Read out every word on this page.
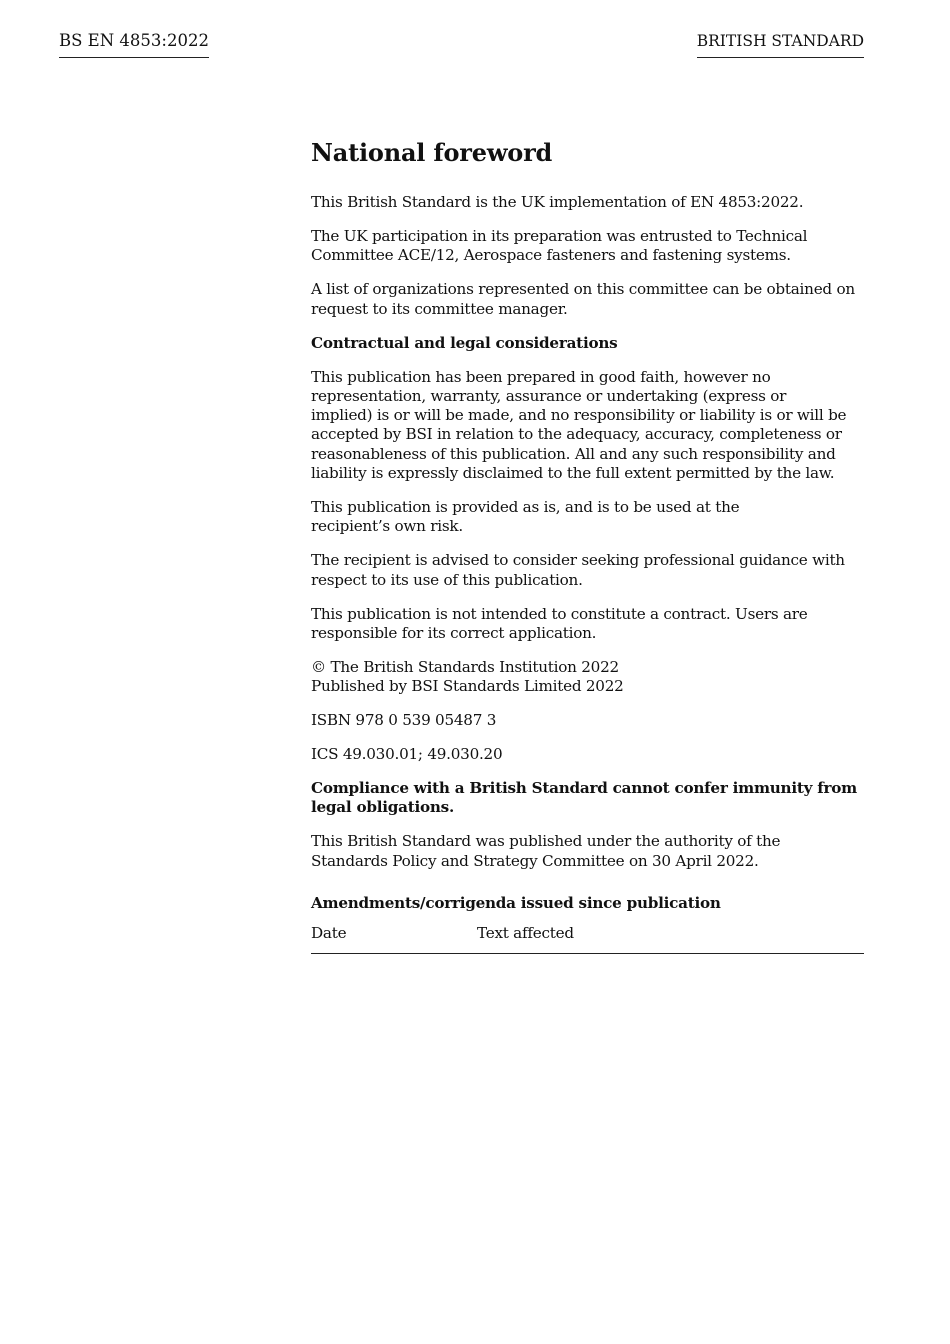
BS EN 4853:2022	BRITISH STANDARD
National foreword
This British Standard is the UK implementation of EN 4853:2022.
The UK participation in its preparation was entrusted to Technical
Committee ACE/12, Aerospace fasteners and fastening systems.
A list of organizations represented on this committee can be obtained on
request to its committee manager.
Contractual and legal considerations
This publication has been prepared in good faith, however no
representation, warranty, assurance or undertaking (express or
implied) is or will be made, and no responsibility or liability is or will be
accepted by BSI in relation to the adequacy, accuracy, completeness or
reasonableness of this publication. All and any such responsibility and
liability is expressly disclaimed to the full extent permitted by the law.
This publication is provided as is, and is to be used at the
recipient’s own risk.
The recipient is advised to consider seeking professional guidance with
respect to its use of this publication.
This publication is not intended to constitute a contract. Users are
responsible for its correct application.
© The British Standards Institution 2022
Published by BSI Standards Limited 2022
ISBN 978 0 539 05487 3
ICS 49.030.01; 49.030.20
Compliance with a British Standard cannot confer immunity from
legal obligations.
This British Standard was published under the authority of the
Standards Policy and Strategy Committee on 30 April 2022.
Amendments/corrigenda issued since publication
Date	Text affected
